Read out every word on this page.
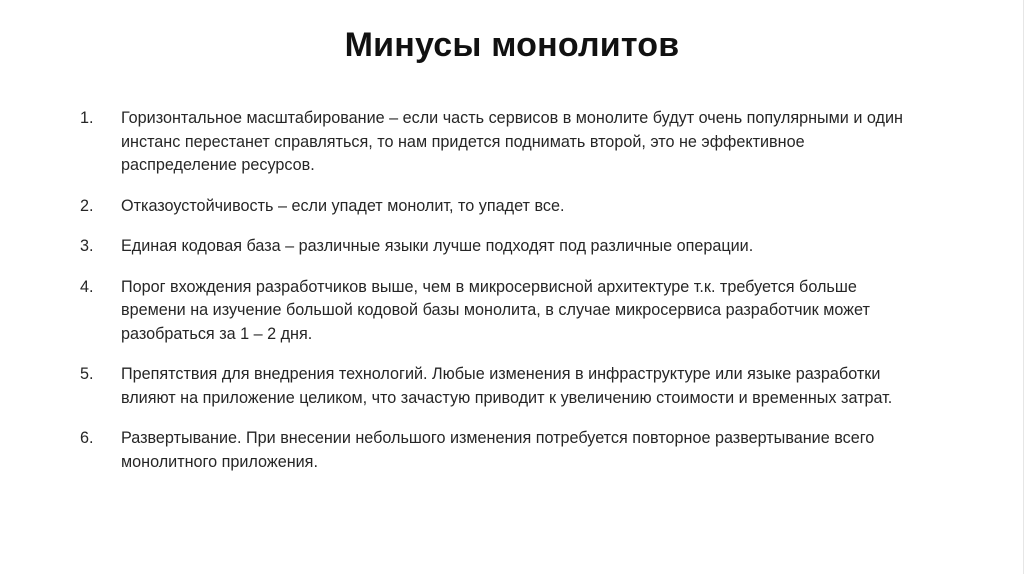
Минусы монолитов
1. Горизонтальное масштабирование – если часть сервисов в монолите будут очень популярными и один
инстанс перестанет справляться, то нам придется поднимать второй, это не эффективное
распределение ресурсов.
2. Отказоустойчивость – если упадет монолит, то упадет все.
3. Единая кодовая база – различные языки лучше подходят под различные операции.
4. Порог вхождения разработчиков выше, чем в микросервисной архитектуре т.к. требуется больше
времени на изучение большой кодовой базы монолита, в случае микросервиса разработчик может
разобраться за 1 – 2 дня.
5. Препятствия для внедрения технологий. Любые изменения в инфраструктуре или языке разработки
влияют на приложение целиком, что зачастую приводит к увеличению стоимости и временных затрат.
6. Развертывание. При внесении небольшого изменения потребуется повторное развертывание всего
монолитного приложения.
